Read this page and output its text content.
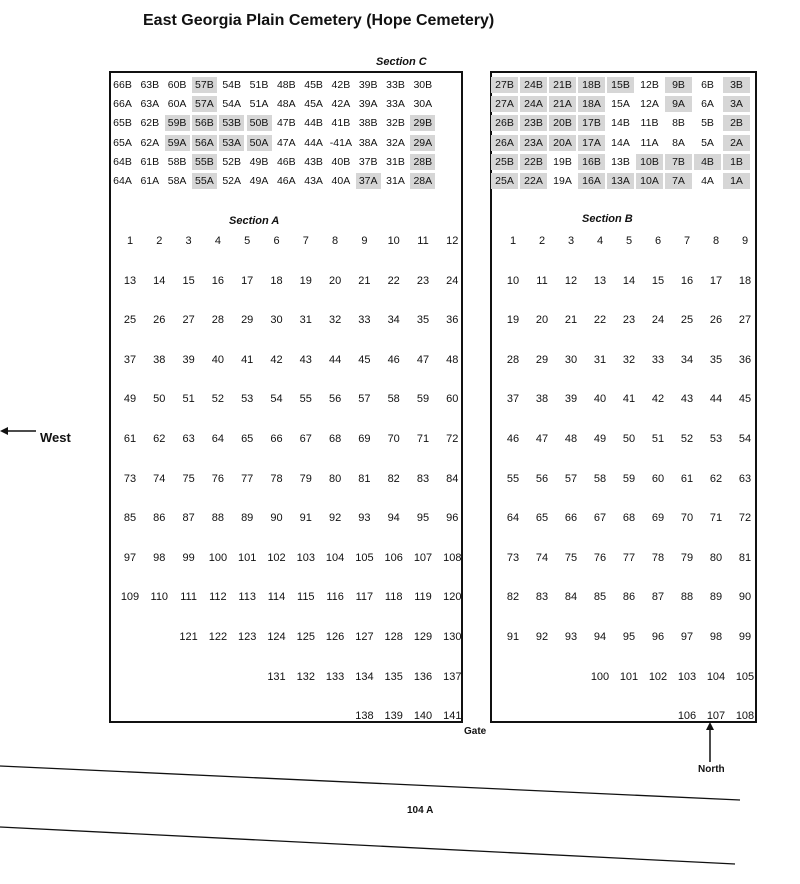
East Georgia Plain Cemetery (Hope Cemetery)
Section C
66B 63B 60B 57B 54B 51B 48B 45B 42B 39B 33B 30B
66A 63A 60A 57A 54A 51A 48A 45A 42A 39A 33A 30A
65B 62B 59B 56B 53B 50B 47B 44B 41B 38B 32B 29B
65A 62A 59A 56A 53A 50A 47A 44A -41A 38A 32A 29A
64B 61B 58B 55B 52B 49B 46B 43B 40B 37B 31B 28B
64A 61A 58A 55A 52A 49A 46A 43A 40A 37A 31A 28A
27B 24B 21B 18B 15B 12B	9B	6B	3B
27A 24A 21A 18A 15A 12A	9A	6A	3A
26B 23B 20B 17B 14B	11B	8B	5B	2B
26A 23A 20A 17A 14A	11A	8A	5A	2A
25B 22B 19B 16B 13B 10B	7B	4B	1B
25A 22A 19A 16A 13A 10A	7A	4A	1A
Section A	Section B
1	2	3	4	5	6	7	8	9	10	11	12
13	14	15	16	17	18	19	20	21	22	23	24
25	26	27	28	29	30	31	32	33	34	35	36
37	38	39	40	41	42	43	44	45	46	47	48
49	50	51	52	53	54	55	56	57	58	59	60
61	62	63	64	65	66	67	68	69	70	71	72
73	74	75	76	77	78	79	80	81	82	83	84
85	86	87	88	89	90	91	92	93	94	95	96
97	98	99	100 101 102 103 104 105 106 107 108
109	110	111	112	113	114	115	116	117	118	119	120
121 122 123 124 125 126 127 128 129 130
131 132 133 134 135 136 137
138 139 140 141
1	2	3	4	5	6	7	8	9
10	11	12	13	14	15	16	17	18
19	20	21	22	23	24	25	26	27
28	29	30	31	32	33	34	35	36
37	38	39	40	41	42	43	44	45
46	47	48	49	50	51	52	53	54
55	56	57	58	59	60	61	62	63
64	65	66	67	68	69	70	71	72
73	74	75	76	77	78	79	80	81
82	83	84	85	86	87	88	89	90
91	92	93	94	95	96	97	98	99
100 101 102 103 104 105
106 107 108
West
Gate
North
104 A
